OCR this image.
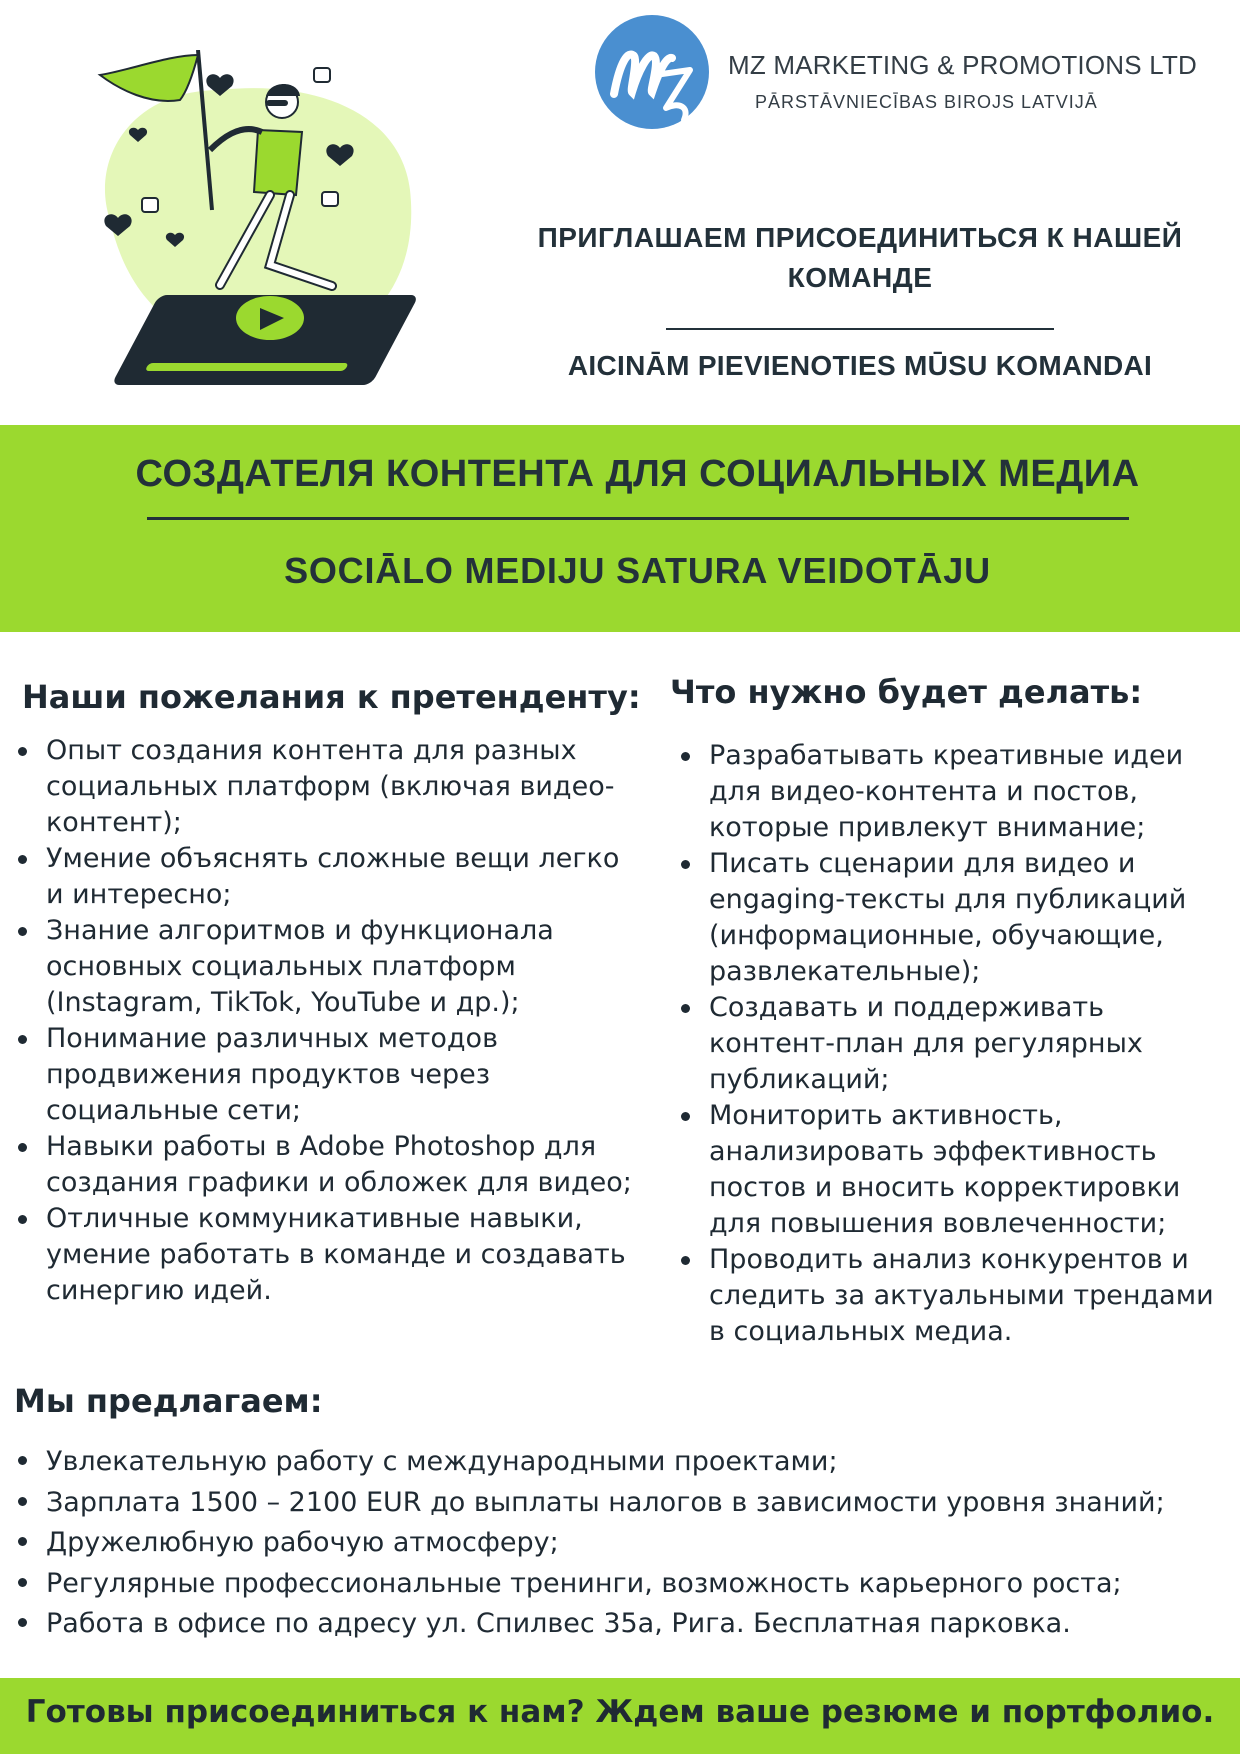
MZ MARKETING & PROMOTIONS LTD
PĀRSTĀVNIECĪBAS BIROJS LATVIJĀ
ПРИГЛАШАЕМ ПРИСОЕДИНИТЬСЯ К НАШЕЙ КОМАНДЕ
AICINĀM PIEVIENOTIES MŪSU KOMANDAI
СОЗДАТЕЛЯ КОНТЕНТА ДЛЯ СОЦИАЛЬНЫХ МЕДИА
SOCIĀLO MEDIJU SATURA VEIDOTĀJU
Наши пожелания к претенденту:
Опыт создания контента для разных социальных платформ (включая видео-контент);
Умение объяснять сложные вещи легко и интересно;
Знание алгоритмов и функционала основных социальных платформ (Instagram, TikTok, YouTube и др.);
Понимание различных методов продвижения продуктов через социальные сети;
Навыки работы в Adobe Photoshop для создания графики и обложек для видео;
Отличные коммуникативные навыки, умение работать в команде и создавать синергию идей.
Что нужно будет делать:
Разрабатывать креативные идеи для видео-контента и постов, которые привлекут внимание;
Писать сценарии для видео и engaging-тексты для публикаций (информационные, обучающие, развлекательные);
Создавать и поддерживать контент-план для регулярных публикаций;
Мониторить активность, анализировать эффективность постов и вносить корректировки для повышения вовлеченности;
Проводить анализ конкурентов и следить за актуальными трендами в социальных медиа.
Мы предлагаем:
Увлекательную работу с международными проектами;
Зарплата 1500 – 2100 EUR до выплаты налогов в зависимости уровня знаний;
Дружелюбную рабочую атмосферу;
Регулярные профессиональные тренинги, возможность карьерного роста;
Работа в офисе по адресу ул. Спилвес 35а, Рига. Бесплатная парковка.
Готовы присоединиться к нам? Ждем ваше резюме и портфолио.
